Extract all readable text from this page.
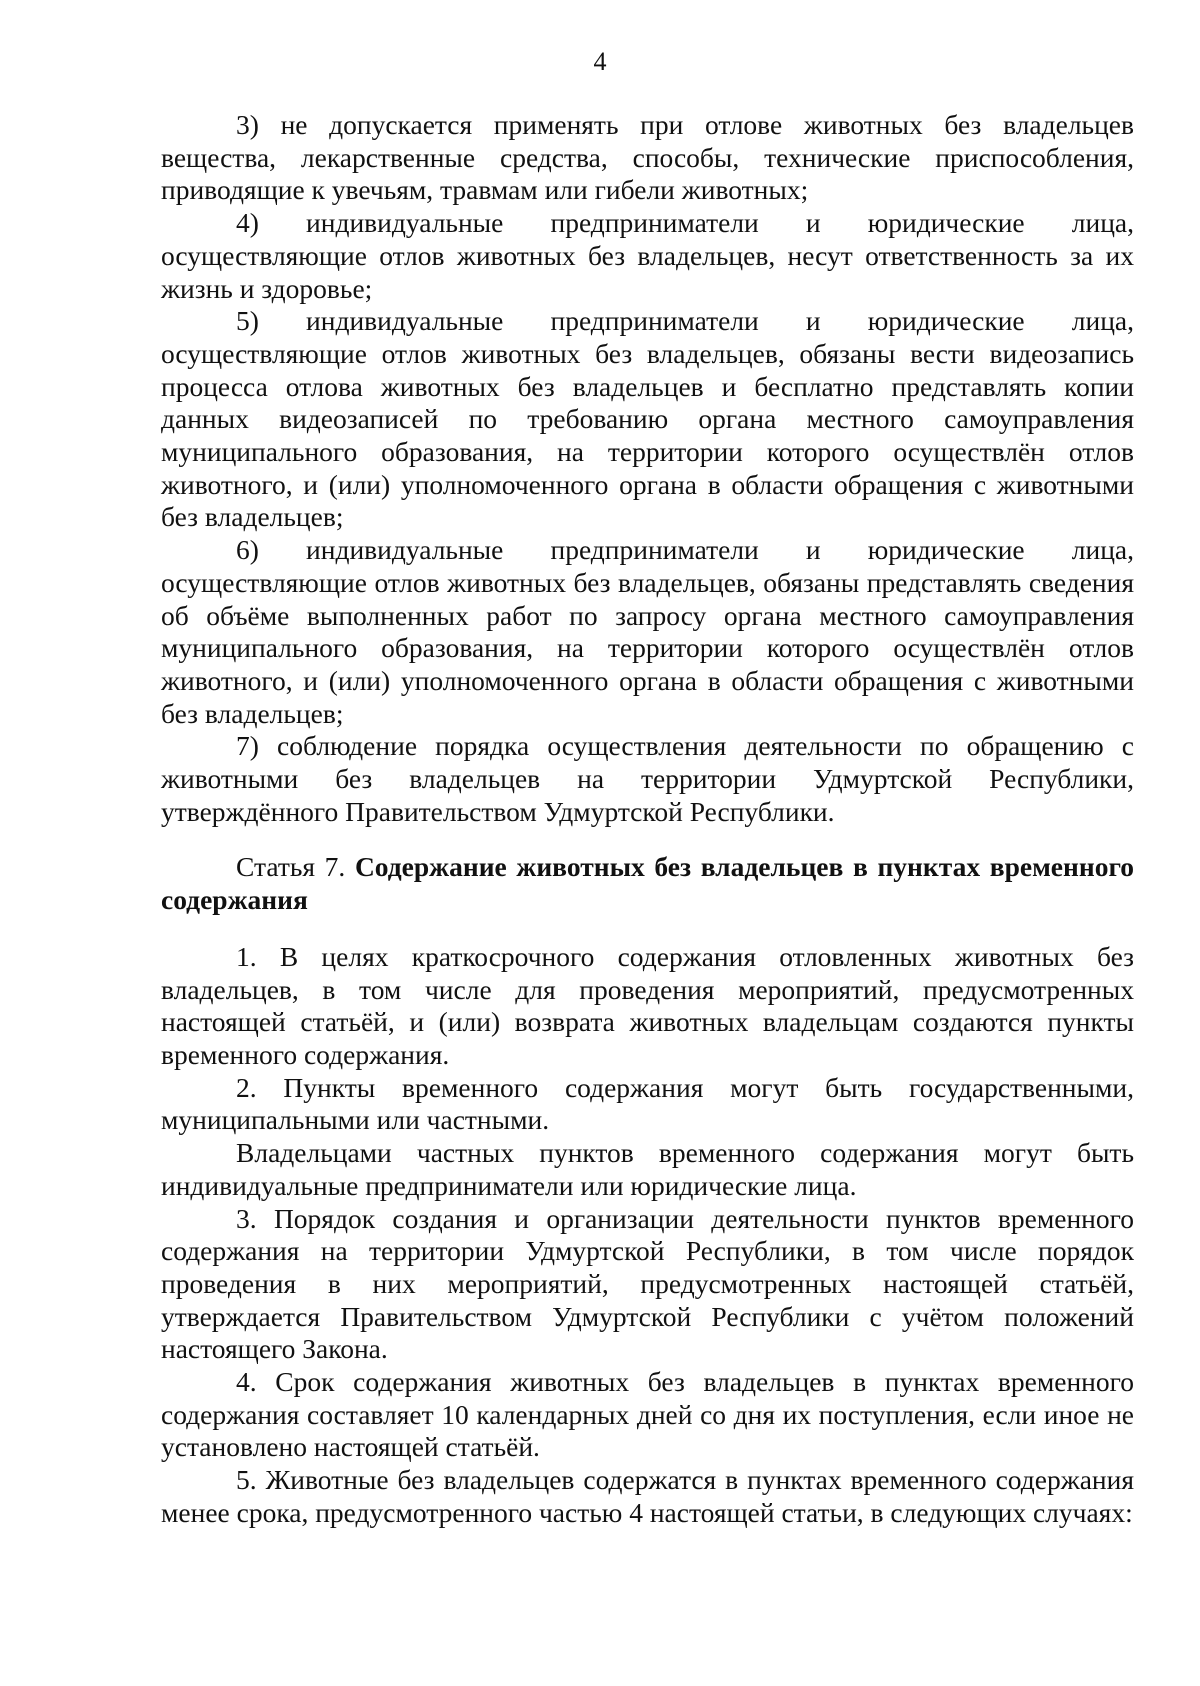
4

3) не допускается применять при отлове животных без владельцев вещества, лекарственные средства, способы, технические приспособления, приводящие к увечьям, травмам или гибели животных;

4) индивидуальные предприниматели и юридические лица, осуществляющие отлов животных без владельцев, несут ответственность за их жизнь и здоровье;

5) индивидуальные предприниматели и юридические лица, осуществляющие отлов животных без владельцев, обязаны вести видеозапись процесса отлова животных без владельцев и бесплатно представлять копии данных видеозаписей по требованию органа местного самоуправления муниципального образования, на территории которого осуществлён отлов животного, и (или) уполномоченного органа в области обращения с животными без владельцев;

6) индивидуальные предприниматели и юридические лица, осуществляющие отлов животных без владельцев, обязаны представлять сведения об объёме выполненных работ по запросу органа местного самоуправления муниципального образования, на территории которого осуществлён отлов животного, и (или) уполномоченного органа в области обращения с животными без владельцев;

7) соблюдение порядка осуществления деятельности по обращению с животными без владельцев на территории Удмуртской Республики, утверждённого Правительством Удмуртской Республики.

Статья 7. Содержание животных без владельцев в пунктах временного содержания

1. В целях краткосрочного содержания отловленных животных без владельцев, в том числе для проведения мероприятий, предусмотренных настоящей статьёй, и (или) возврата животных владельцам создаются пункты временного содержания.

2. Пункты временного содержания могут быть государственными, муниципальными или частными.

Владельцами частных пунктов временного содержания могут быть индивидуальные предприниматели или юридические лица.

3. Порядок создания и организации деятельности пунктов временного содержания на территории Удмуртской Республики, в том числе порядок проведения в них мероприятий, предусмотренных настоящей статьёй, утверждается Правительством Удмуртской Республики с учётом положений настоящего Закона.

4. Срок содержания животных без владельцев в пунктах временного содержания составляет 10 календарных дней со дня их поступления, если иное не установлено настоящей статьёй.

5. Животные без владельцев содержатся в пунктах временного содержания менее срока, предусмотренного частью 4 настоящей статьи, в следующих случаях:
